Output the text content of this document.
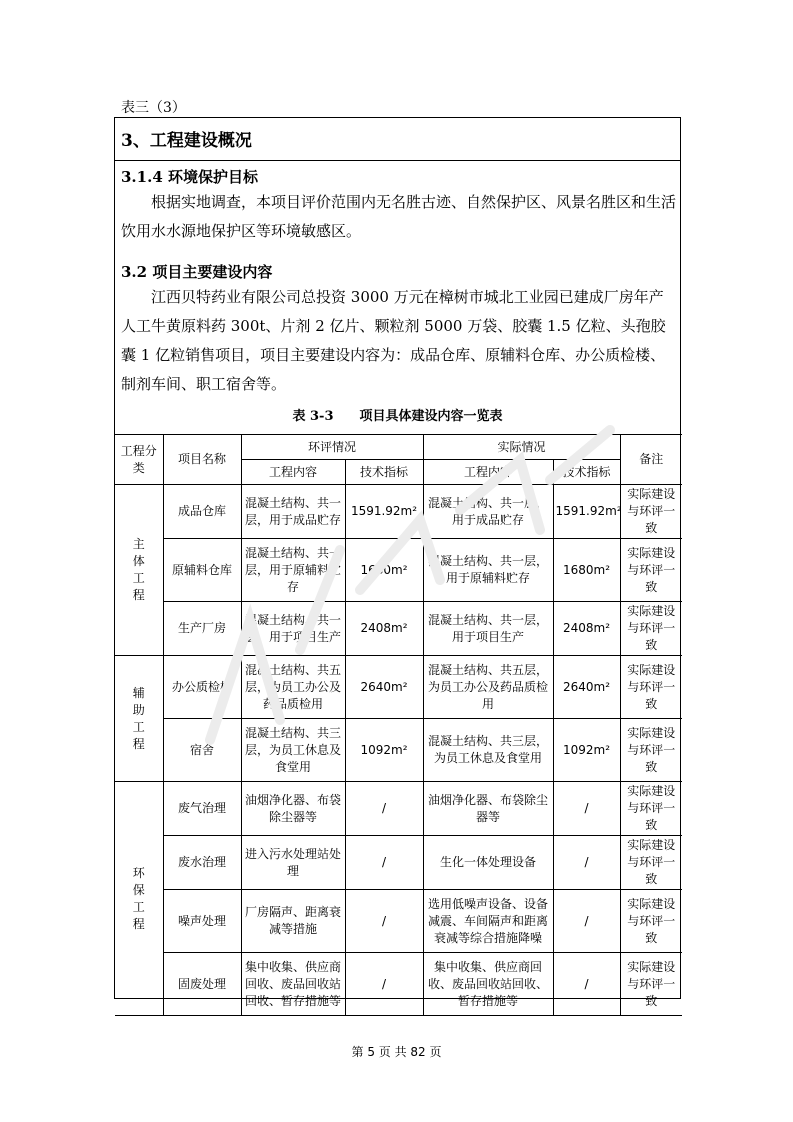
表三（3）
3、工程建设概况
3.1.4 环境保护目标
根据实地调查，本项目评价范围内无名胜古迹、自然保护区、风景名胜区和生活饮用水水源地保护区等环境敏感区。
3.2 项目主要建设内容
江西贝特药业有限公司总投资 3000 万元在樟树市城北工业园已建成厂房年产人工牛黄原料药 300t、片剂 2 亿片、颗粒剂 5000 万袋、胶囊 1.5 亿粒、头孢胶囊 1 亿粒销售项目，项目主要建设内容为：成品仓库、原辅料仓库、办公质检楼、制剂车间、职工宿舍等。
表 3-3　　项目具体建设内容一览表
工程分类	项目名称	环评情况		实际情况		备注
		工程内容	技术指标	工程内容	技术指标	

主
体
工
程	成品仓库	混凝土结构、共一层，用于成品贮存	1591.92m²	混凝土结构、共一层，用于成品贮存	1591.92m²	实际建设与环评一致
	原辅料仓库	混凝土结构、共一层，用于原辅料贮存	1680m²	混凝土结构、共一层，用于原辅料贮存	1680m²	实际建设与环评一致
	生产厂房	混凝土结构、共一层，用于项目生产	2408m²	混凝土结构、共一层，用于项目生产	2408m²	实际建设与环评一致

辅
助
工
程	办公质检楼	混凝土结构、共五层，为员工办公及药品质检用	2640m²	混凝土结构、共五层，为员工办公及药品质检用	2640m²	实际建设与环评一致
	宿舍	混凝土结构、共三层，为员工休息及食堂用	1092m²	混凝土结构、共三层，为员工休息及食堂用	1092m²	实际建设与环评一致

环
保
工
程	废气治理	油烟净化器、布袋除尘器等	/	油烟净化器、布袋除尘器等	/	实际建设与环评一致
	废水治理	进入污水处理站处理	/	生化一体处理设备	/	实际建设与环评一致
	噪声处理	厂房隔声、距离衰减等措施	/	选用低噪声设备、设备减震、车间隔声和距离衰减等综合措施降噪	/	实际建设与环评一致
	固废处理	集中收集、供应商回收、废品回收站回收、暂存措施等	/	集中收集、供应商回收、废品回收站回收、暂存措施等	/	实际建设与环评一致
第 5 页 共 82 页
